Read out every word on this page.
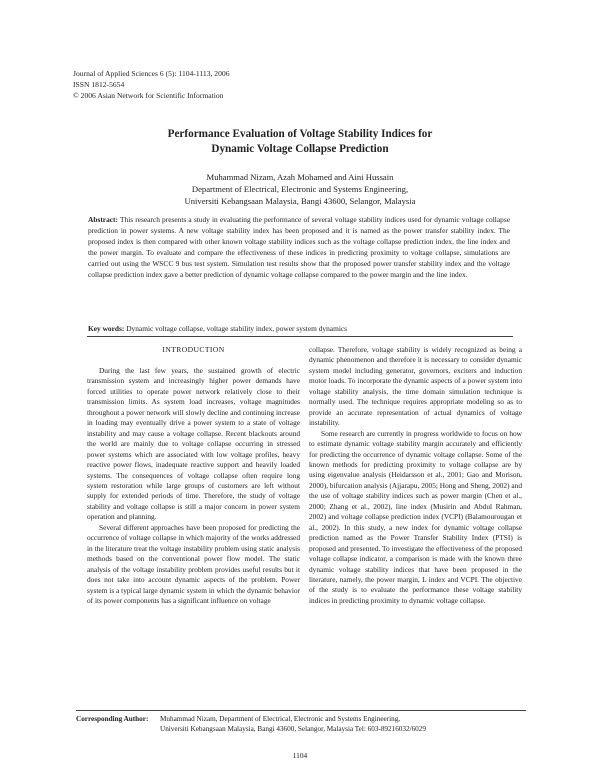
Journal of Applied Sciences 6 (5): 1104-1113, 2006
ISSN 1812-5654
© 2006 Asian Network for Scientific Information
Performance Evaluation of Voltage Stability Indices for
Dynamic Voltage Collapse Prediction
Muhammad Nizam, Azah Mohamed and Aini Hussain
Department of Electrical, Electronic and Systems Engineering,
Universiti Kebangsaan Malaysia, Bangi 43600, Selangor, Malaysia
Abstract: This research presents a study in evaluating the performance of several voltage stability indices used for dynamic voltage collapse prediction in power systems. A new voltage stability index has been proposed and it is named as the power transfer stability index. The proposed index is then compared with other known voltage stability indices such as the voltage collapse prediction index, the line index and the power margin. To evaluate and compare the effectiveness of these indices in predicting proximity to voltage collapse, simulations are carried out using the WSCC 9 bus test system. Simulation test results show that the proposed power transfer stability index and the voltage collapse prediction index gave a better prediction of dynamic voltage collapse compared to the power margin and the line index.
Key words: Dynamic voltage collapse, voltage stability index, power system dynamics
INTRODUCTION

During the last few years, the sustained growth of electric transmission system and increasingly higher power demands have forced utilities to operate power network relatively close to their transmission limits. As system load increases, voltage magnitudes throughout a power network will slowly decline and continuing increase in loading may eventually drive a power system to a state of voltage instability and may cause a voltage collapse. Recent blackouts around the world are mainly due to voltage collapse occurring in stressed power systems which are associated with low voltage profiles, heavy reactive power flows, inadequate reactive support and heavily loaded systems. The consequences of voltage collapse often require long system restoration while large groups of customers are left without supply for extended periods of time. Therefore, the study of voltage stability and voltage collapse is still a major concern in power system operation and planning.

Several different approaches have been proposed for predicting the occurrence of voltage collapse in which majority of the works addressed in the literature treat the voltage instability problem using static analysis methods based on the conventional power flow model. The static analysis of the voltage instability problem provides useful results but it does not take into account dynamic aspects of the problem. Power system is a typical large dynamic system in which the dynamic behavior of its power components has a significant influence on voltage

collapse. Therefore, voltage stability is widely recognized as being a dynamic phenomenon and therefore it is necessary to consider dynamic system model including generator, governors, exciters and induction motor loads. To incorporate the dynamic aspects of a power system into voltage stability analysis, the time domain simulation technique is normally used. The technique requires appropriate modeling so as to provide an accurate representation of actual dynamics of voltage instability.

Some research are currently in progress worldwide to focus on how to estimate dynamic voltage stability margin accurately and efficiently for predicting the occurrence of dynamic voltage collapse. Some of the known methods for predicting proximity to voltage collapse are by using eigenvalue analysis (Heidarsson et al., 2001; Gao and Morison, 2000), bifurcation analysis (Ajjarapu, 2005; Hong and Sheng, 2002) and the use of voltage stability indices such as power margin (Chen et al., 2000; Zhang et al., 2002), line index (Musirin and Abdul Rahman, 2002) and voltage collapse prediction index (VCPI) (Balamourougan et al., 2002). In this study, a new index for dynamic voltage collapse prediction named as the Power Transfer Stability Index (PTSI) is proposed and presented. To investigate the effectiveness of the proposed voltage collapse indicator, a comparison is made with the known three dynamic voltage stability indices that have been proposed in the literature, namely, the power margin, L index and VCPI. The objective of the study is to evaluate the performance these voltage stability indices in predicting proximity to dynamic voltage collapse.

Corresponding Author: Muhammad Nizam, Department of Electrical, Electronic and Systems Engineering,
Universiti Kebangsaan Malaysia, Bangi 43600, Selangor, Malaysia Tel: 603-89216032/6029
1104
